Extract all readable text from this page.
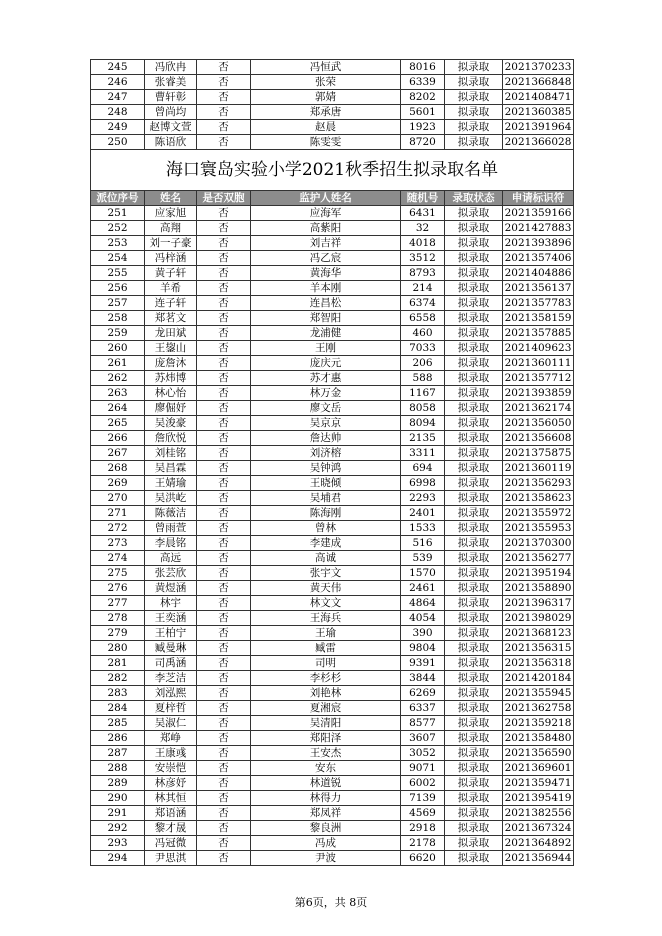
245	冯欣冉	否	冯恒武	8016	拟录取	2021370233
246	张睿美	否	张荣	6339	拟录取	2021366848
247	曹轩彰	否	郭婧	8202	拟录取	2021408471
248	曾尚均	否	郑承唐	5601	拟录取	2021360385
249	赵博文萱	否	赵晨	1923	拟录取	2021391964
250	陈语欣	否	陈雯雯	8720	拟录取	2021366028
海口寰岛实验小学2021秋季招生拟录取名单						
派位序号	姓名	是否双胞	监护人姓名	随机号	录取状态	申请标识符
251	应家旭	否	应海军	6431	拟录取	2021359166
252	高翔	否	高紫阳	32	拟录取	2021427883
253	刘一子豪	否	刘吉祥	4018	拟录取	2021393896
254	冯梓涵	否	冯乙宸	3512	拟录取	2021357406
255	黄子轩	否	黄海华	8793	拟录取	2021404886
256	羊希	否	羊本刚	214	拟录取	2021356137
257	连子轩	否	连昌松	6374	拟录取	2021357783
258	郑茗文	否	郑智阳	6558	拟录取	2021358159
259	龙田斌	否	龙浦健	460	拟录取	2021357885
260	王鋆山	否	王刚	7033	拟录取	2021409623
261	庞詹沐	否	庞庆元	206	拟录取	2021360111
262	苏炜博	否	苏才惠	588	拟录取	2021357712
263	林心怡	否	林万金	1167	拟录取	2021393859
264	廖倔妤	否	廖文岳	8058	拟录取	2021362174
265	吴浚豪	否	吴京京	8094	拟录取	2021356050
266	詹欣悦	否	詹达帅	2135	拟录取	2021356608
267	刘桂铭	否	刘济榕	3311	拟录取	2021375875
268	吴昌霖	否	吴钟鸿	694	拟录取	2021360119
269	王婧瑜	否	王晓倾	6998	拟录取	2021356293
270	吴洪屹	否	吴埔君	2293	拟录取	2021358623
271	陈薇洁	否	陈海刚	2401	拟录取	2021355972
272	曾雨萱	否	曾林	1533	拟录取	2021355953
273	李晨铭	否	李建成	516	拟录取	2021370300
274	高远	否	高诚	539	拟录取	2021356277
275	张芸欣	否	张宇文	1570	拟录取	2021395194
276	黄煜涵	否	黄天伟	2461	拟录取	2021358890
277	林宇	否	林文文	4864	拟录取	2021396317
278	王奕涵	否	王海兵	4054	拟录取	2021398029
279	王柏宁	否	王瑜	390	拟录取	2021368123
280	臧曼琳	否	臧雷	9804	拟录取	2021356315
281	司禹涵	否	司明	9391	拟录取	2021356318
282	李芝洁	否	李杉杉	3844	拟录取	2021420184
283	刘泓熙	否	刘艳林	6269	拟录取	2021355945
284	夏梓哲	否	夏湘宸	6337	拟录取	2021362758
285	吴淑仁	否	吴清阳	8577	拟录取	2021359218
286	郑峥	否	郑阳泽	3607	拟录取	2021358480
287	王康彧	否	王安杰	3052	拟录取	2021356590
288	安崇恺	否	安东	9071	拟录取	2021369601
289	林彦妤	否	林道锐	6002	拟录取	2021359471
290	林其恒	否	林得力	7139	拟录取	2021395419
291	郑语涵	否	郑凤祥	4569	拟录取	2021382556
292	黎才晟	否	黎良洲	2918	拟录取	2021367324
293	冯冠微	否	冯成	2178	拟录取	2021364892
294	尹思淇	否	尹波	6620	拟录取	2021356944
第6页，共 8页
